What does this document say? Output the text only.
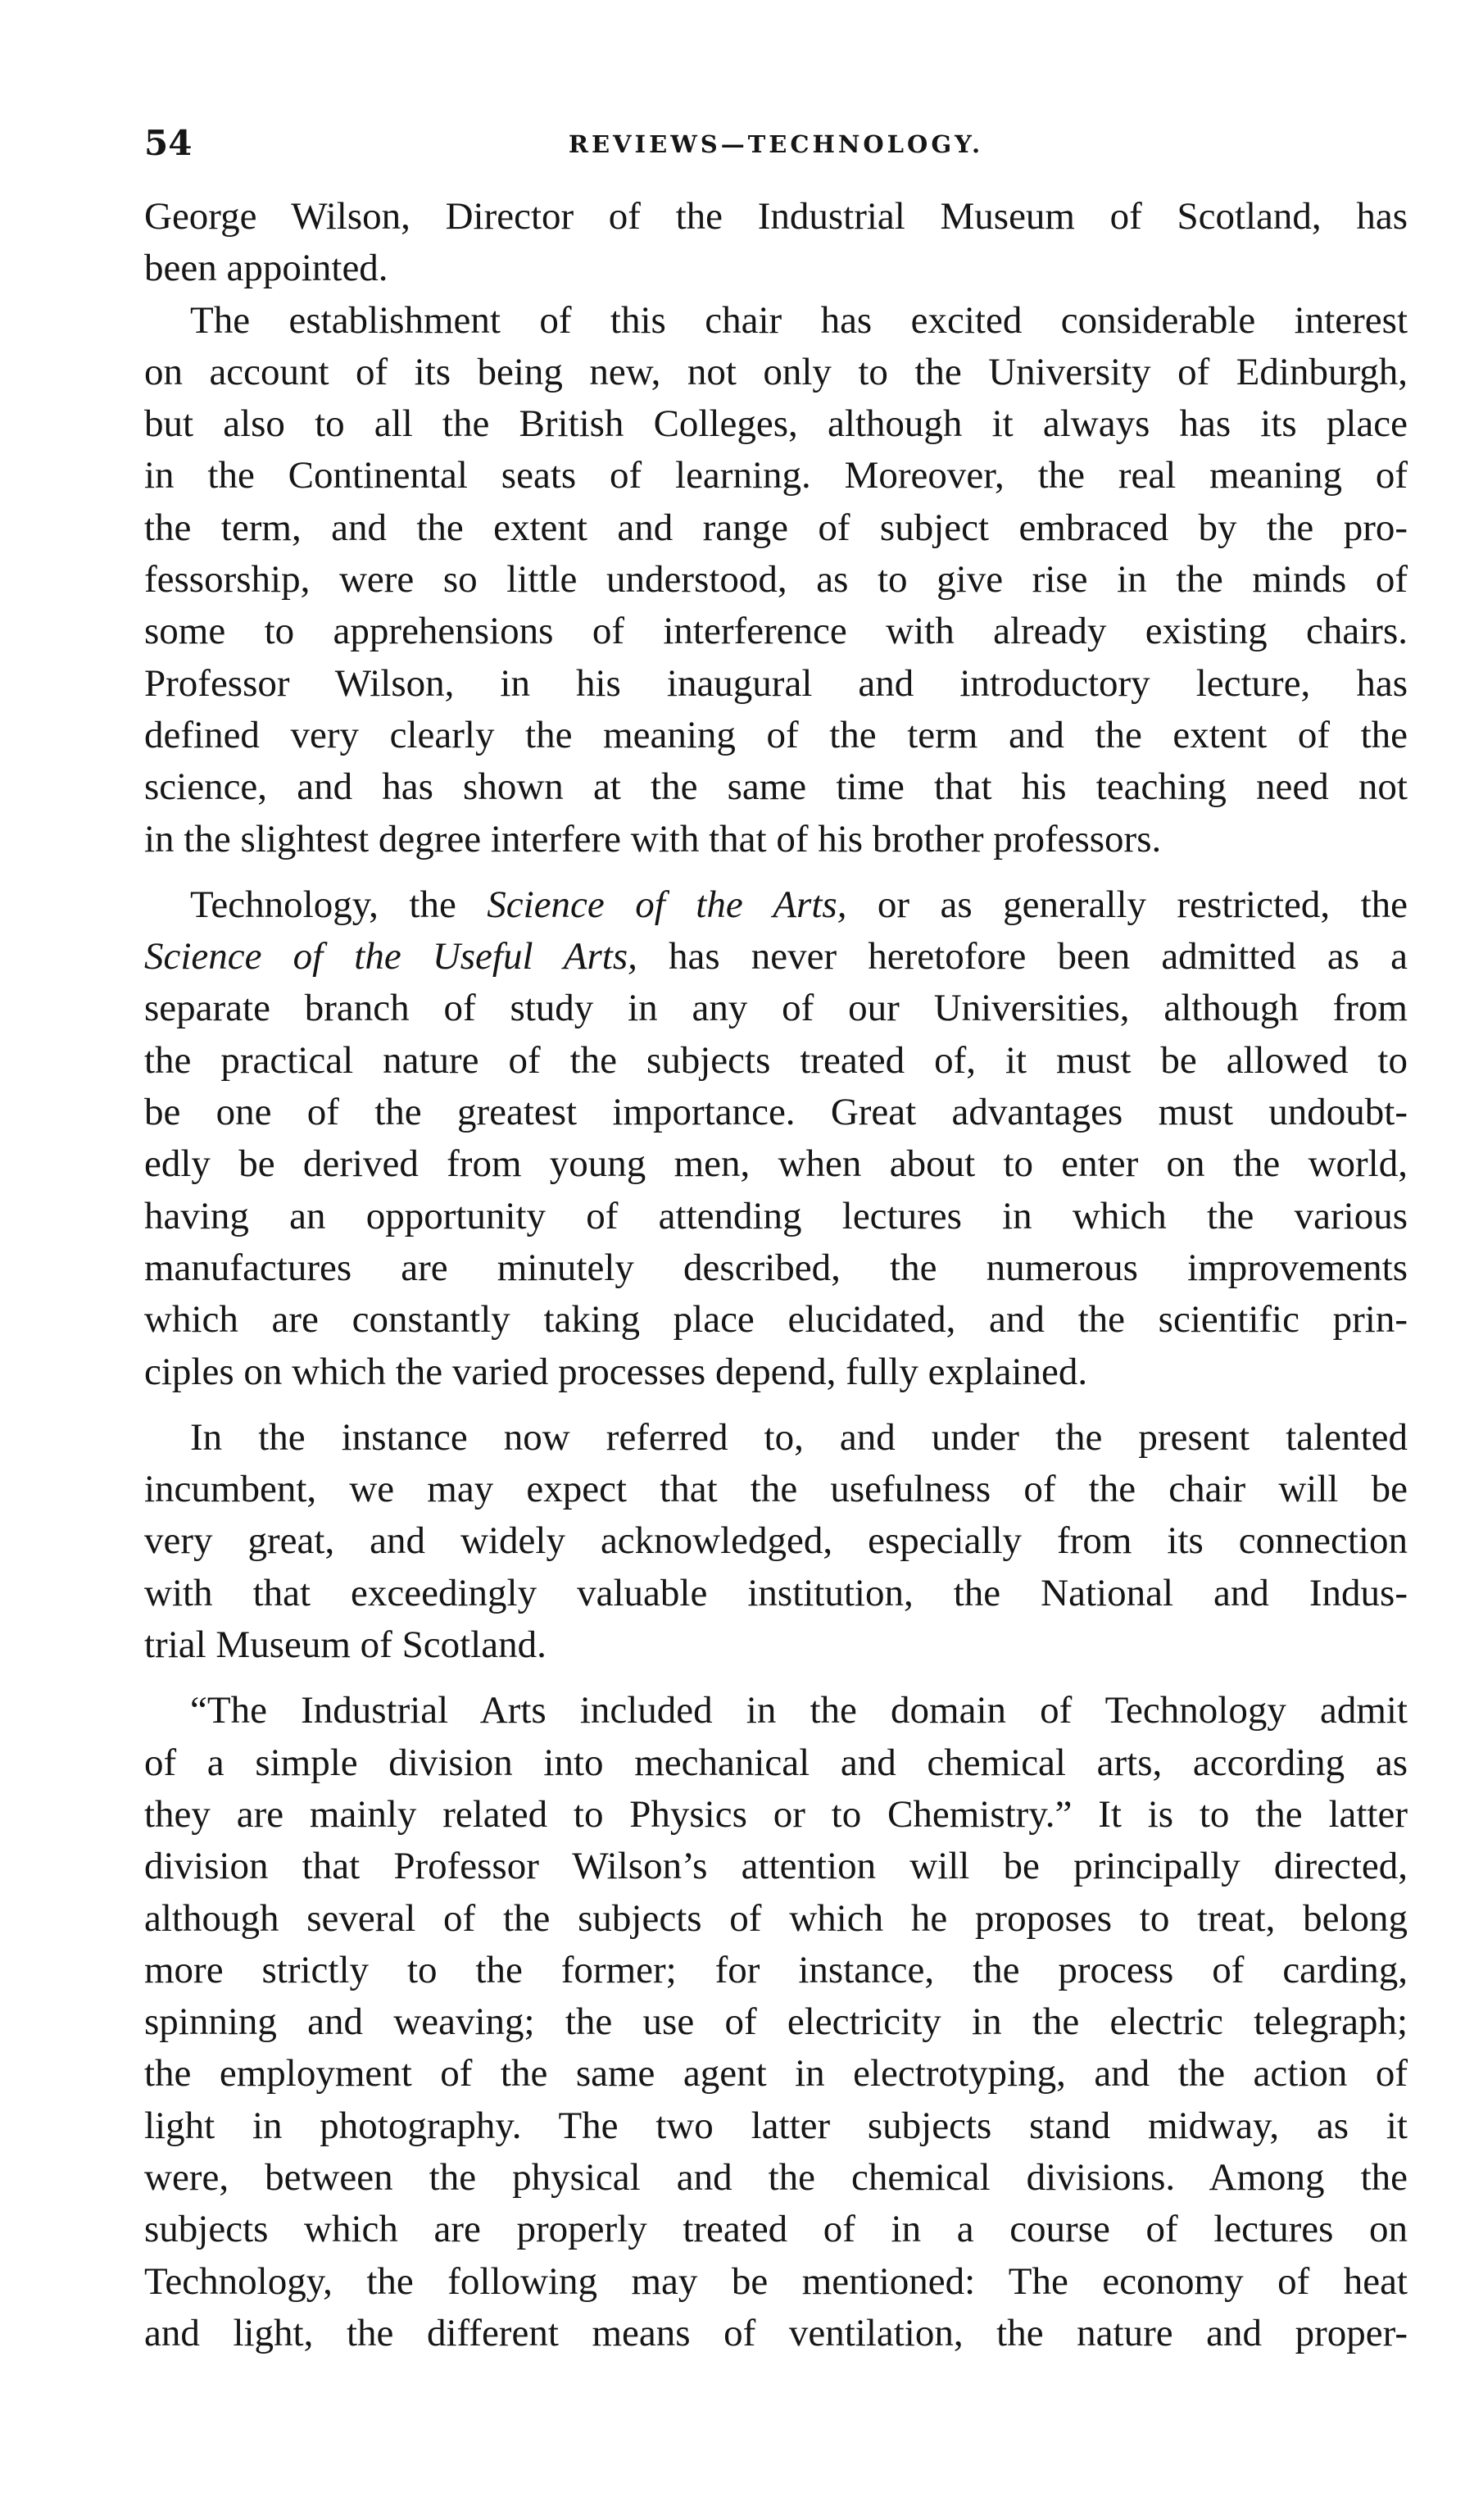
54	REVIEWS—TECHNOLOGY.

George Wilson, Director of the Industrial Museum of Scotland, has
been appointed.

The establishment of this chair has excited considerable interest
on account of its being new, not only to the University of Edinburgh,
but also to all the British Colleges, although it always has its place
in the Continental seats of learning. Moreover, the real meaning of
the term, and the extent and range of subject embraced by the pro-
fessorship, were so little understood, as to give rise in the minds of
some to apprehensions of interference with already existing chairs.
Professor Wilson, in his inaugural and introductory lecture, has
defined very clearly the meaning of the term and the extent of the
science, and has shown at the same time that his teaching need not
in the slightest degree interfere with that of his brother professors.

Technology, the Science of the Arts, or as generally restricted, the
Science of the Useful Arts, has never heretofore been admitted as a
separate branch of study in any of our Universities, although from
the practical nature of the subjects treated of, it must be allowed to
be one of the greatest importance. Great advantages must undoubt-
edly be derived from young men, when about to enter on the world,
having an opportunity of attending lectures in which the various
manufactures are minutely described, the numerous improvements
which are constantly taking place elucidated, and the scientific prin-
ciples on which the varied processes depend, fully explained.

In the instance now referred to, and under the present talented
incumbent, we may expect that the usefulness of the chair will be
very great, and widely acknowledged, especially from its connection
with that exceedingly valuable institution, the National and Indus-
trial Museum of Scotland.

“The Industrial Arts included in the domain of Technology admit
of a simple division into mechanical and chemical arts, according as
they are mainly related to Physics or to Chemistry.” It is to the latter
division that Professor Wilson’s attention will be principally directed,
although several of the subjects of which he proposes to treat, belong
more strictly to the former; for instance, the process of carding,
spinning and weaving; the use of electricity in the electric telegraph;
the employment of the same agent in electrotyping, and the action of
light in photography. The two latter subjects stand midway, as it
were, between the physical and the chemical divisions. Among the
subjects which are properly treated of in a course of lectures on
Technology, the following may be mentioned: The economy of heat
and light, the different means of ventilation, the nature and proper-
